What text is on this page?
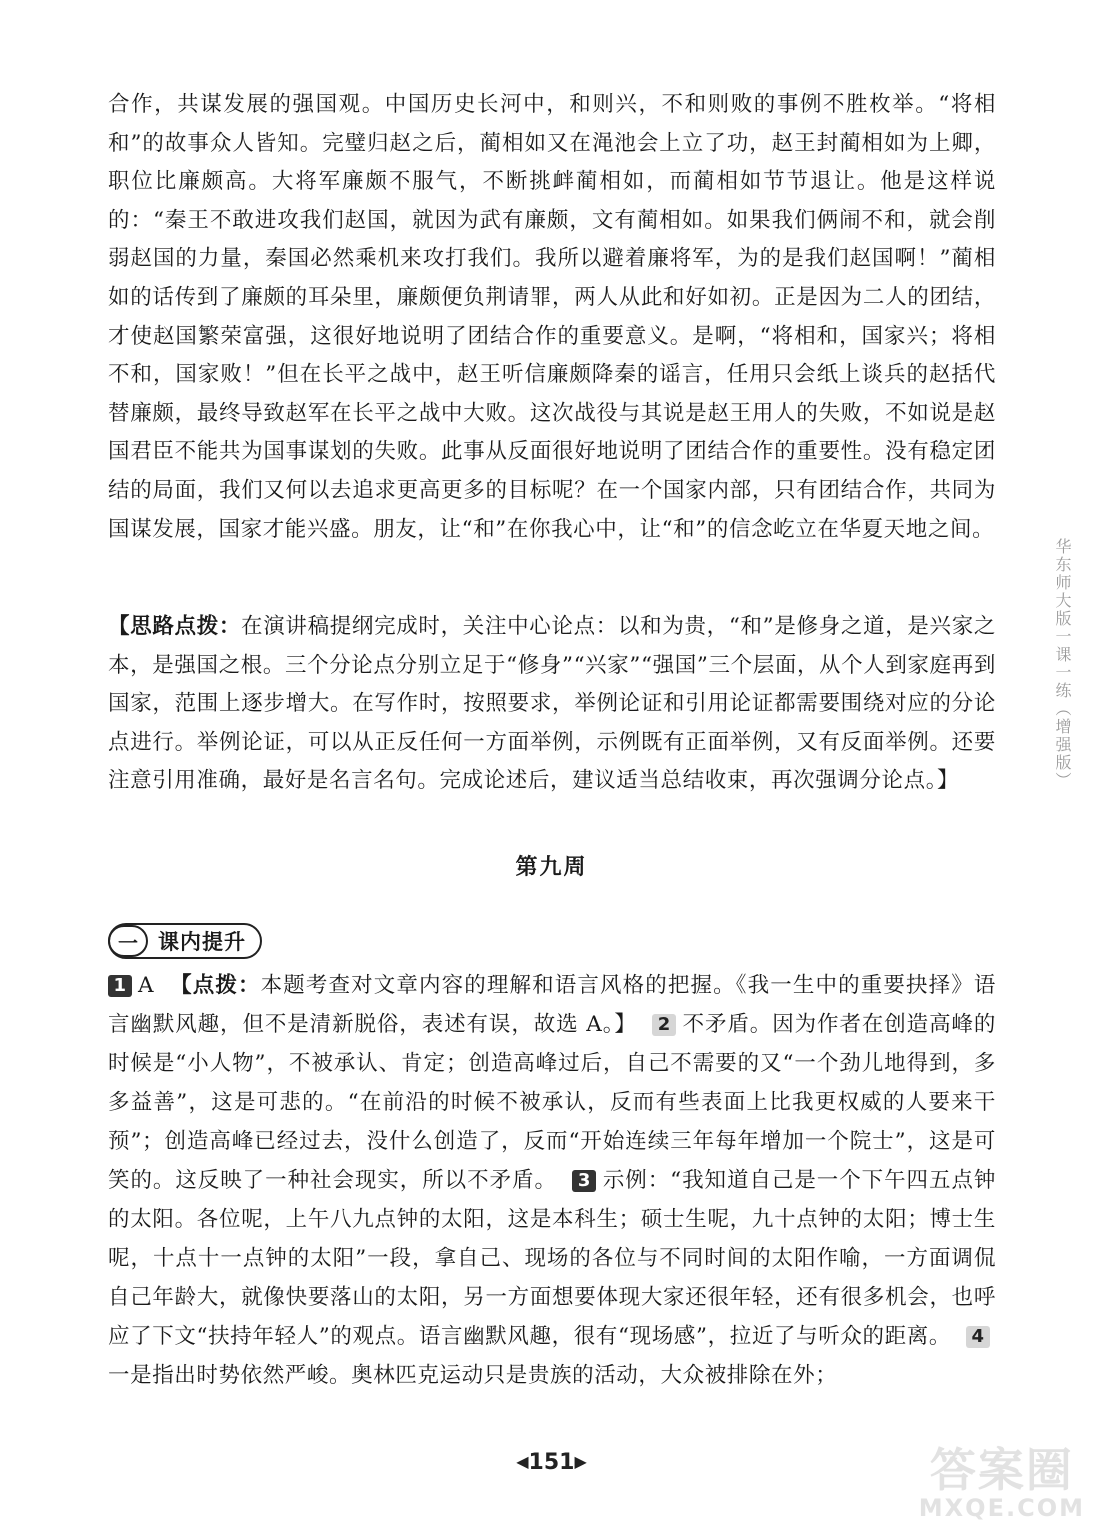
合作，共谋发展的强国观。中国历史长河中，和则兴，不和则败的事例不胜枚举。“将相和”的故事众人皆知。完璧归赵之后，蔺相如又在渑池会上立了功，赵王封蔺相如为上卿，职位比廉颇高。大将军廉颇不服气，不断挑衅蔺相如，而蔺相如节节退让。他是这样说的：“秦王不敢进攻我们赵国，就因为武有廉颇，文有蔺相如。如果我们俩闹不和，就会削弱赵国的力量，秦国必然乘机来攻打我们。我所以避着廉将军，为的是我们赵国啊！”蔺相如的话传到了廉颇的耳朵里，廉颇便负荆请罪，两人从此和好如初。正是因为二人的团结，才使赵国繁荣富强，这很好地说明了团结合作的重要意义。是啊，“将相和，国家兴；将相不和，国家败！”但在长平之战中，赵王听信廉颇降秦的谣言，任用只会纸上谈兵的赵括代替廉颇，最终导致赵军在长平之战中大败。这次战役与其说是赵王用人的失败，不如说是赵国君臣不能共为国事谋划的失败。此事从反面很好地说明了团结合作的重要性。没有稳定团结的局面，我们又何以去追求更高更多的目标呢？在一个国家内部，只有团结合作，共同为国谋发展，国家才能兴盛。朋友，让“和”在你我心中，让“和”的信念屹立在华夏天地之间。

【思路点拨：在演讲稿提纲完成时，关注中心论点：以和为贵，“和”是修身之道，是兴家之本，是强国之根。三个分论点分别立足于“修身”“兴家”“强国”三个层面，从个人到家庭再到国家，范围上逐步增大。在写作时，按照要求，举例论证和引用论证都需要围绕对应的分论点进行。举例论证，可以从正反任何一方面举例，示例既有正面举例，又有反面举例。还要注意引用准确，最好是名言名句。完成论述后，建议适当总结收束，再次强调分论点。】

第九周
一 课内提升

1 A 【点拨：本题考查对文章内容的理解和语言风格的把握。《我一生中的重要抉择》语言幽默风趣，但不是清新脱俗，表述有误，故选 A。】 2 不矛盾。因为作者在创造高峰的时候是“小人物”，不被承认、肯定；创造高峰过后，自己不需要的又“一个劲儿地得到，多多益善”，这是可悲的。“在前沿的时候不被承认，反而有些表面上比我更权威的人要来干预”；创造高峰已经过去，没什么创造了，反而“开始连续三年每年增加一个院士”，这是可笑的。这反映了一种社会现实，所以不矛盾。 3 示例：“我知道自己是一个下午四五点钟的太阳。各位呢，上午八九点钟的太阳，这是本科生；硕士生呢，九十点钟的太阳；博士生呢，十点十一点钟的太阳”一段，拿自己、现场的各位与不同时间的太阳作喻，一方面调侃自己年龄大，就像快要落山的太阳，另一方面想要体现大家还很年轻，还有很多机会，也呼应了下文“扶持年轻人”的观点。语言幽默风趣，很有“现场感”，拉近了与听众的距离。 4一是指出时势依然严峻。奥林匹克运动只是贵族的活动，大众被排除在外；

华东师大版一课一练（增强版）
◀151▶	答案圈
MXQE.COM
